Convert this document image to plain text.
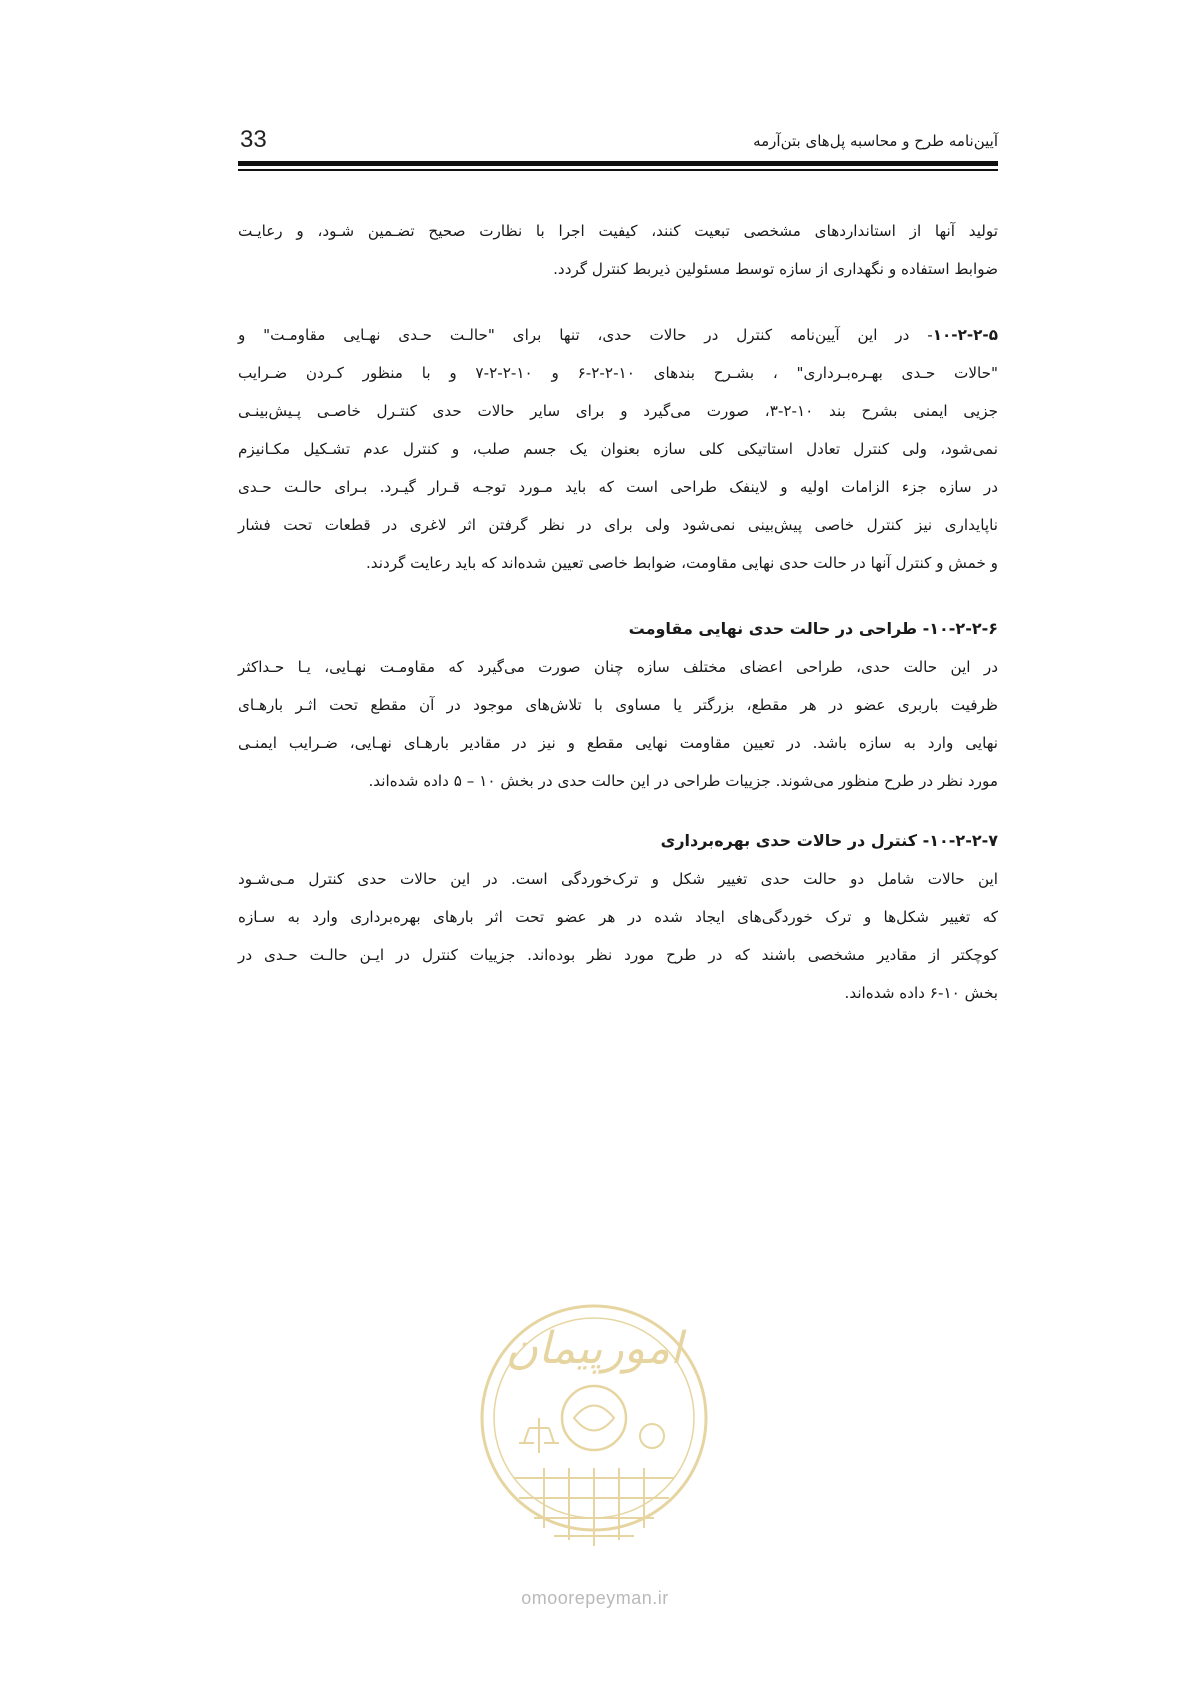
33	آیین‌نامه طرح و محاسبه پل‌های بتن‌آرمه

تولید آنها از استانداردهای مشخصی تبعیت کنند، کیفیت اجرا با نظارت صحیح تضـمین شـود، و رعایـت
ضوابط استفاده و نگهداری از سازه توسط مسئولین ذیربط کنترل گردد.

۱۰-۲-۲-۵- در این آیین‌نامه کنترل در حالات حدی، تنها برای "حالـت حـدی نهـایی مقاومـت" و
"حالات حـدی بهـره‌بـرداری" ، بشـرح بندهای ۱۰-۲-۲-۶ و ۱۰-۲-۲-۷ و با منظور کـردن ضـرایب
جزیی ایمنی بشرح بند ۱۰-۲-۳، صورت می‌گیرد و برای سایر حالات حدی کنتـرل خاصـی پـیش‌بینـی
نمی‌شود، ولی کنترل تعادل استاتیکی کلی سازه بعنوان یک جسم صلب، و کنترل عدم تشـکیل مکـانیزم
در سازه جزء الزامات اولیه و لاینفک طراحی است که باید مـورد توجـه قـرار گیـرد. بـرای حالـت حـدی
ناپایداری نیز کنترل خاصی پیش‌بینی نمی‌شود ولی برای در نظر گرفتن اثر لاغری در قطعات تحت فشار
و خمش و کنترل آنها در حالت حدی نهایی مقاومت، ضوابط خاصی تعیین شده‌اند که باید رعایت گردند.

۱۰-۲-۲-۶- طراحی در حالت حدی نهایی مقاومت
در این حالت حدی، طراحی اعضای مختلف سازه چنان صورت می‌گیرد که مقاومـت نهـایی، یـا حـداکثر
ظرفیت باربری عضو در هر مقطع، بزرگتر یا مساوی با تلاش‌های موجود در آن مقطع تحت اثـر بارهـای
نهایی وارد به سازه باشد. در تعیین مقاومت نهایی مقطع و نیز در مقادیر بارهـای نهـایی، ضـرایب ایمنـی
مورد نظر در طرح منظور می‌شوند. جزییات طراحی در این حالت حدی در بخش ۱۰ – ۵ داده شده‌اند.
۱۰-۲-۲-۷- کنترل در حالات حدی بهره‌برداری
این حالات شامل دو حالت حدی تغییر شکل و ترک‌خوردگی است. در این حالات حدی کنترل مـی‌شـود
که تغییر شکل‌ها و ترک خوردگی‌های ایجاد شده در هر عضو تحت اثر بارهای بهره‌برداری وارد به سـازه
کوچکتر از مقادیر مشخصی باشند که در طرح مورد نظر بوده‌اند. جزییات کنترل در ایـن حالـت حـدی در
بخش ۱۰-۶ داده شده‌اند.
امورپیمان
omoorepeyman.ir
